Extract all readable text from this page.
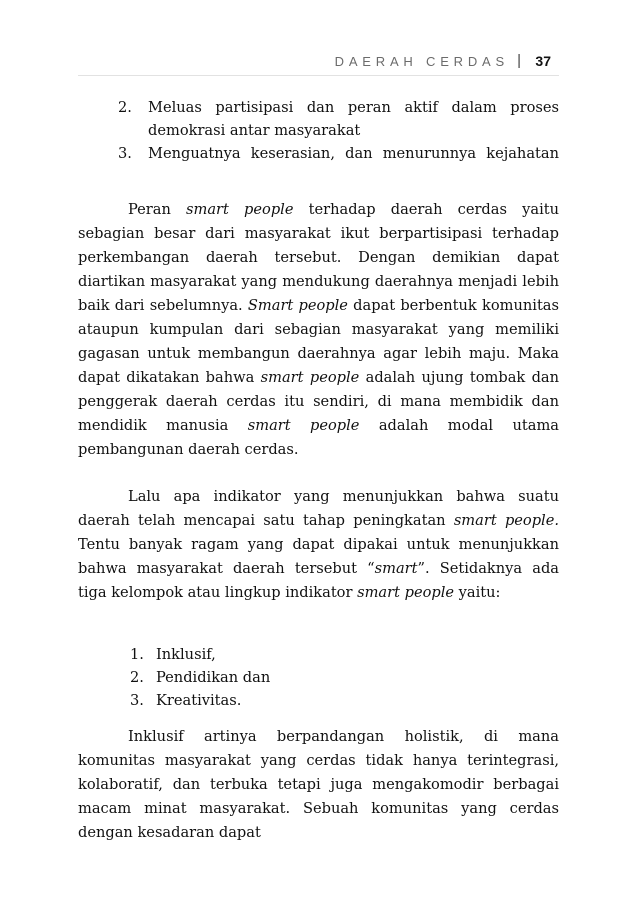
DAERAH CERDAS | 37
2. Meluas partisipasi dan peran aktif dalam proses demokrasi antar masyarakat
3. Menguatnya keserasian, dan menurunnya kejahatan

Peran smart people terhadap daerah cerdas yaitu sebagian besar dari masyarakat ikut berpartisipasi terhadap perkembangan daerah tersebut. Dengan demikian dapat diartikan masyarakat yang mendukung daerahnya menjadi lebih baik dari sebelumnya. Smart people dapat berbentuk komunitas ataupun kumpulan dari sebagian masyarakat yang memiliki gagasan untuk membangun daerahnya agar lebih maju. Maka dapat dikatakan bahwa smart people adalah ujung tombak dan penggerak daerah cerdas itu sendiri, di mana membidik dan mendidik manusia smart people adalah modal utama pembangunan daerah cerdas.

Lalu apa indikator yang menunjukkan bahwa suatu daerah telah mencapai satu tahap peningkatan smart people. Tentu banyak ragam yang dapat dipakai untuk menunjukkan bahwa masyarakat daerah tersebut “smart”. Setidaknya ada tiga kelompok atau lingkup indikator smart people yaitu:

1. Inklusif,
2. Pendidikan dan
3. Kreativitas.

Inklusif artinya berpandangan holistik, di mana komunitas masyarakat yang cerdas tidak hanya terintegrasi, kolaboratif, dan terbuka tetapi juga mengakomodir berbagai macam minat masyarakat. Sebuah komunitas yang cerdas dengan kesadaran dapat
